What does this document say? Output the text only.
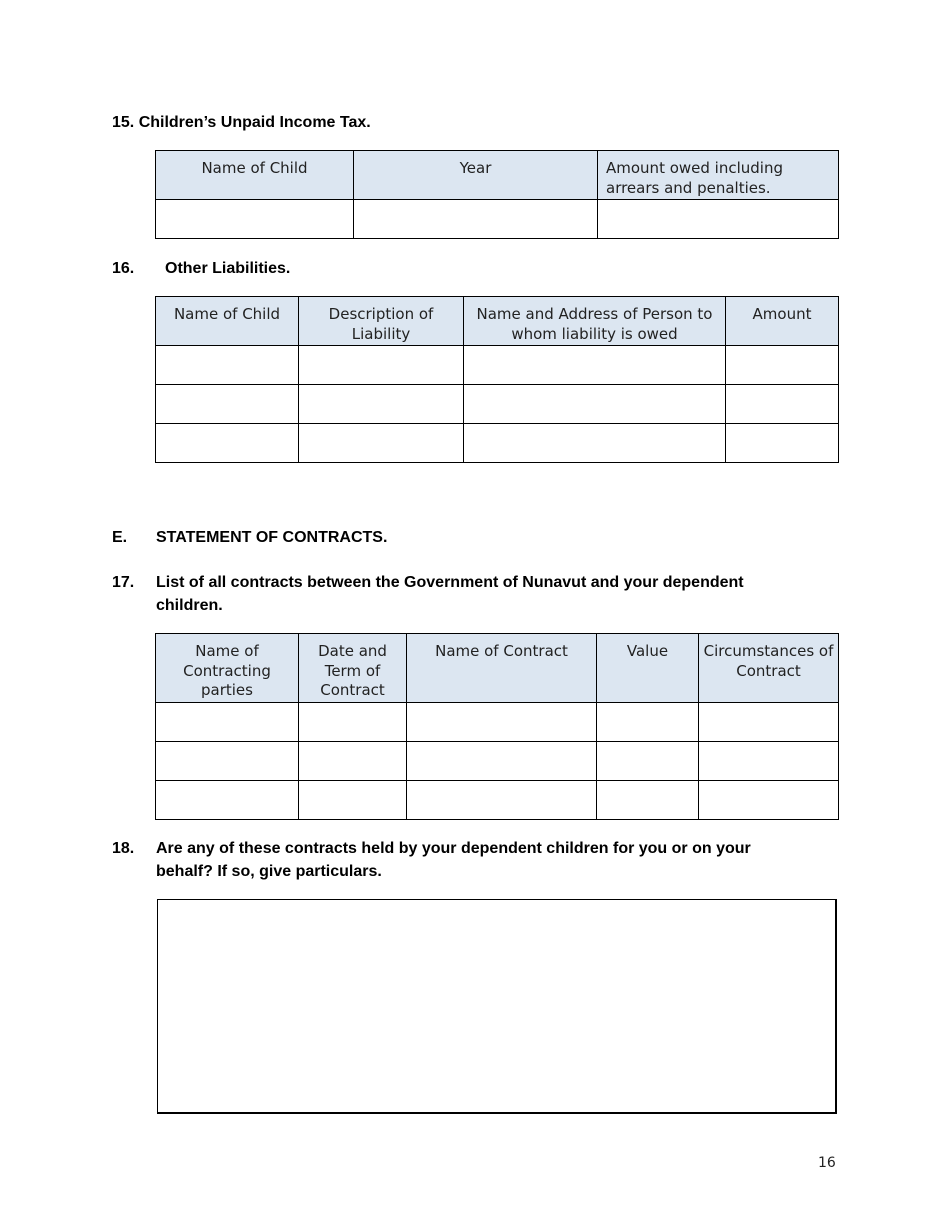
15. Children’s Unpaid Income Tax.
Name of Child	Year	Amount owed including arrears and penalties.

16. Other Liabilities.
Name of Child	Description of Liability	Name and Address of Person to whom liability is owed	Amount

E. STATEMENT OF CONTRACTS.
17. List of all contracts between the Government of Nunavut and your dependent children.
Name of Contracting parties	Date and Term of Contract	Name of Contract	Value	Circumstances of Contract

18. Are any of these contracts held by your dependent children for you or on your behalf? If so, give particulars.
16
